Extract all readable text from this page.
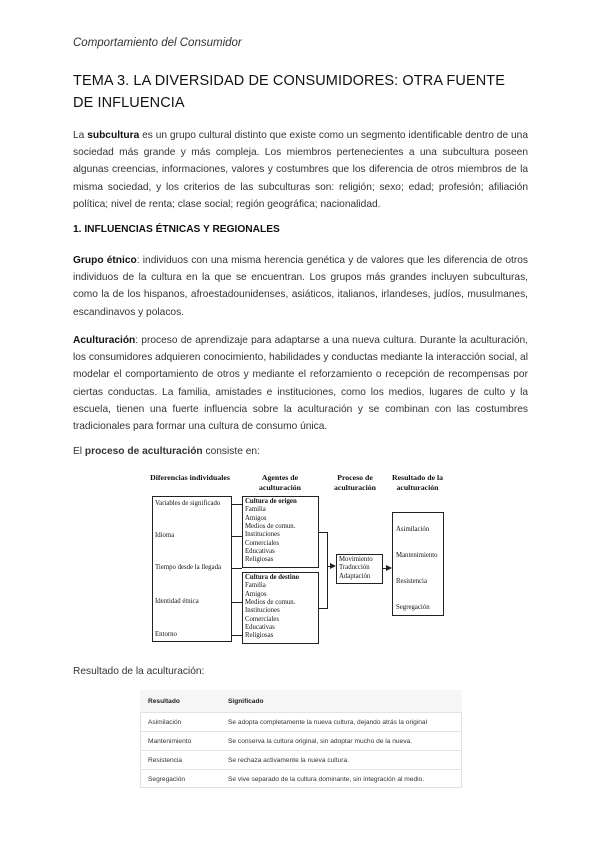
Comportamiento del Consumidor
TEMA 3. LA DIVERSIDAD DE CONSUMIDORES: OTRA FUENTE DE INFLUENCIA
La subcultura es un grupo cultural distinto que existe como un segmento identificable dentro de una sociedad más grande y más compleja. Los miembros pertenecientes a una subcultura poseen algunas creencias, informaciones, valores y costumbres que los diferencia de otros miembros de la misma sociedad, y los criterios de las subculturas son: religión; sexo; edad; profesión; afiliación política; nivel de renta; clase social; región geográfica; nacionalidad.
1. INFLUENCIAS ÉTNICAS Y REGIONALES
Grupo étnico: individuos con una misma herencia genética y de valores que les diferencia de otros individuos de la cultura en la que se encuentran. Los grupos más grandes incluyen subculturas, como la de los hispanos, afroestadounidenses, asiáticos, italianos, irlandeses, judíos, musulmanes, escandinavos y polacos.
Aculturación: proceso de aprendizaje para adaptarse a una nueva cultura. Durante la aculturación, los consumidores adquieren conocimiento, habilidades y conductas mediante la interacción social, al modelar el comportamiento de otros y mediante el reforzamiento o recepción de recompensas por ciertas conductas. La familia, amistades e instituciones, como los medios, lugares de culto y la escuela, tienen una fuerte influencia sobre la aculturación y se combinan con las costumbres tradicionales para formar una cultura de consumo única.
El proceso de aculturación consiste en:
Diferencias individuales	Agentes de aculturación
Proceso de aculturación
Resultado de la aculturación
Variables de significado
Idioma
Tiempo desde la llegada
Identidad étnica
Entorno
Cultura de origen
Familia
Amigos
Medios de comun.
Instituciones
Comerciales
Educativas
Religiosas
Cultura de destino
Familia
Amigos
Medios de comun.
Instituciones
Comerciales
Educativas
Religiosas
Movimiento
Traducción
Adaptación
Asimilación
Mantenimiento
Resistencia
Segregación
Resultado de la aculturación:
Resultado	Significado
Asimilación	Se adopta completamente la nueva cultura, dejando atrás la original
Mantenimiento	Se conserva la cultura original, sin adoptar mucho de la nueva.
Resistencia	Se rechaza activamente la nueva cultura.
Segregación	Se vive separado de la cultura dominante, sin integración al medio.
